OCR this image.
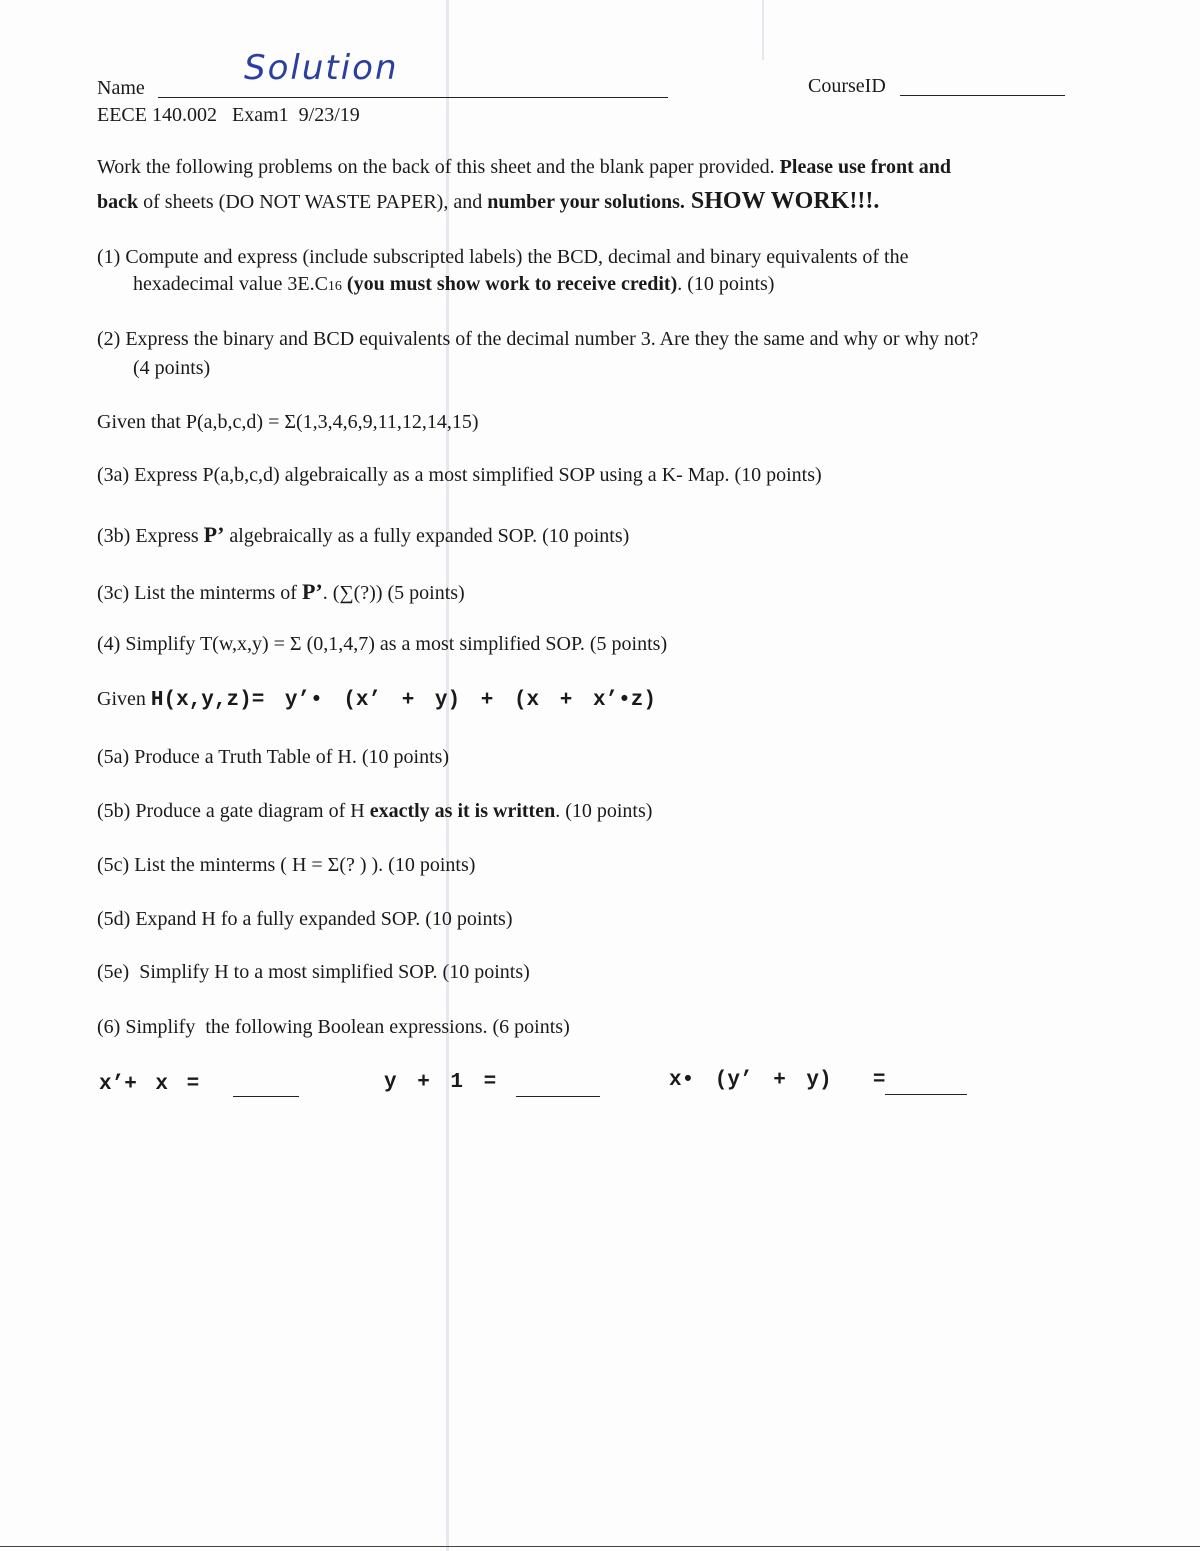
Name	Solution	CourseID
EECE 140.002   Exam1  9/23/19
Work the following problems on the back of this sheet and the blank paper provided. Please use front and
back of sheets (DO NOT WASTE PAPER), and number your solutions. SHOW WORK!!!.
(1) Compute and express (include subscripted labels) the BCD, decimal and binary equivalents of the
hexadecimal value 3E.C16 (you must show work to receive credit). (10 points)
(2) Express the binary and BCD equivalents of the decimal number 3. Are they the same and why or why not?
(4 points)
Given that P(a,b,c,d) = Σ(1,3,4,6,9,11,12,14,15)
(3a) Express P(a,b,c,d) algebraically as a most simplified SOP using a K- Map. (10 points)
(3b) Express P’ algebraically as a fully expanded SOP. (10 points)
(3c) List the minterms of P’. (∑(?)) (5 points)
(4) Simplify T(w,x,y) = Σ (0,1,4,7) as a most simplified SOP. (5 points)
Given H(x,y,z)= y’• (x’ + y) + (x + x’•z)
(5a) Produce a Truth Table of H. (10 points)
(5b) Produce a gate diagram of H exactly as it is written. (10 points)
(5c) List the minterms ( H = Σ(? ) ). (10 points)
(5d) Expand H fo a fully expanded SOP. (10 points)
(5e)  Simplify H to a most simplified SOP. (10 points)
(6) Simplify  the following Boolean expressions. (6 points)
x’+ x =	y + 1 =	x• (y’ + y)  =
